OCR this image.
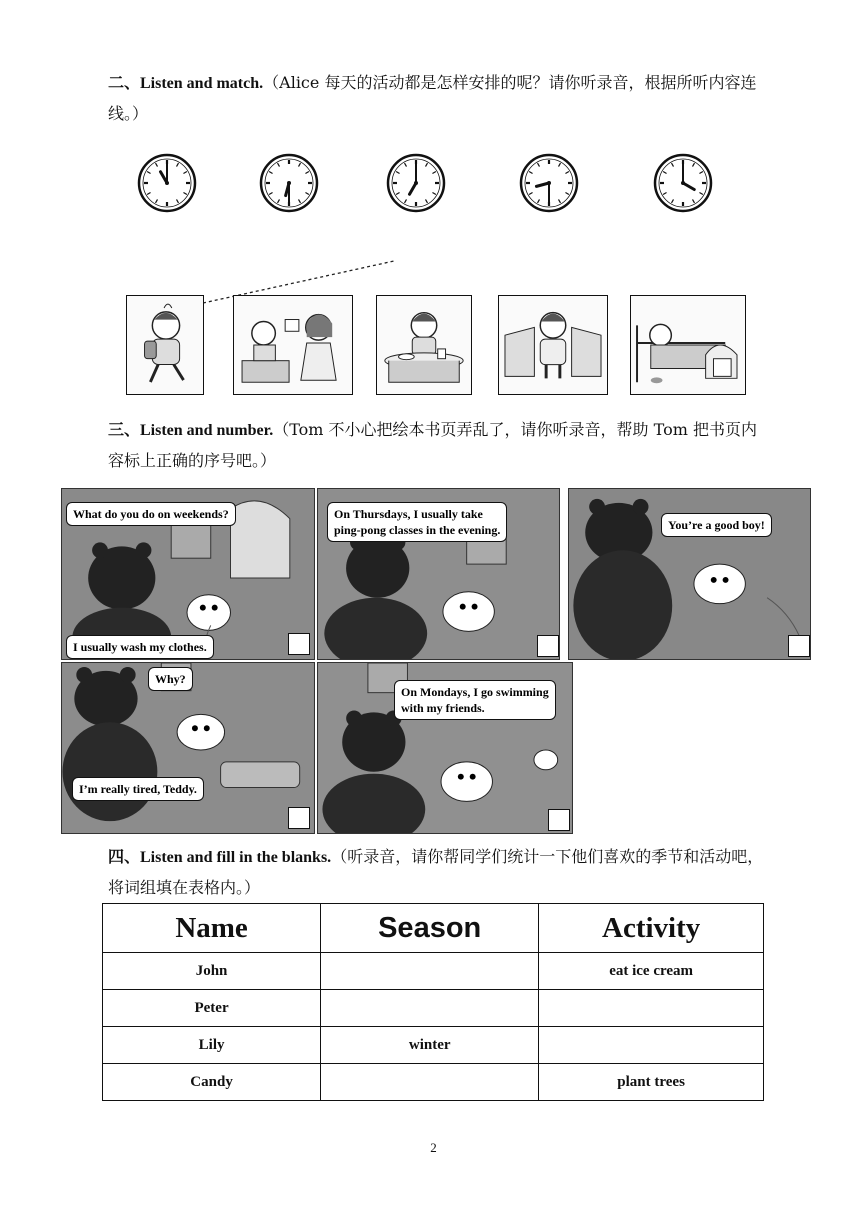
二、Listen and match.（Alice 每天的活动都是怎样安排的呢？请你听录音，根据所听内容连线。）
三、Listen and number.（Tom 不小心把绘本书页弄乱了，请你听录音，帮助 Tom 把书页内容标上正确的序号吧。）
What do you do on weekends?
I usually wash my clothes.
On Thursdays, I usually take
ping-pong classes in the evening.	You’re a good boy!
Why?
I’m really tired, Teddy.
On Mondays, I go swimming
with my friends.
四、Listen and fill in the blanks.（听录音，请你帮同学们统计一下他们喜欢的季节和活动吧，将词组填在表格内。）
Name	Season	Activity
John		eat ice cream
Peter		
Lily	winter	
Candy		plant trees
2
